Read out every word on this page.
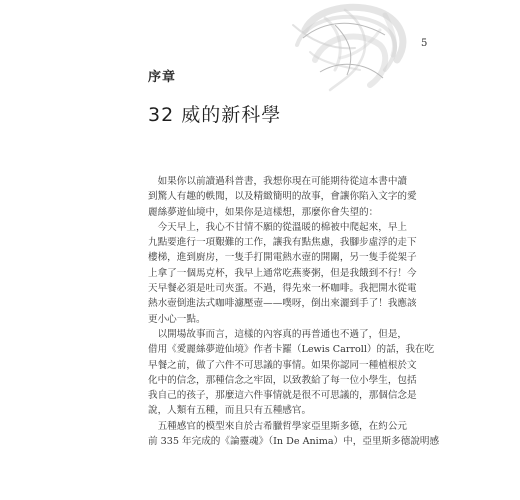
5
序章
32 威的新科學

　如果你以前讀過科普書，我想你現在可能期待從這本書中讀
到驚人有趣的軼聞，以及精緻簡明的故事，會讓你陷入文字的愛
麗絲夢遊仙境中，如果你是這樣想，那麼你會失望的：

　今天早上，我心不甘情不願的從溫暖的棉被中爬起來，早上
九點要進行一項艱難的工作，讓我有點焦慮，我腳步虛浮的走下
樓梯，進到廚房，一隻手打開電熱水壺的開關，另一隻手從架子
上拿了一個馬克杯，我早上通常吃燕麥粥，但是我餓到不行！今
天早餐必須是吐司夾蛋。不過，得先來一杯咖啡。我把開水從電
熱水壺倒進法式咖啡濾壓壺——噗呀，倒出來灑到手了！我應該
更小心一點。

　以開場故事而言，這樣的內容真的再普通也不過了，但是，
借用《愛麗絲夢遊仙境》作者卡羅（Lewis Carroll）的話，我在吃
早餐之前，做了六件不可思議的事情。如果你認同一種植根於文
化中的信念，那種信念之牢固，以致教給了每一位小學生，包括
我自己的孩子，那麼這六件事情就是很不可思議的，那個信念是
說，人類有五種，而且只有五種感官。

　五種感官的模型來自於古希臘哲學家亞里斯多德，在約公元
前 335 年完成的《論靈魂》（In De Anima）中，亞里斯多德說明感
